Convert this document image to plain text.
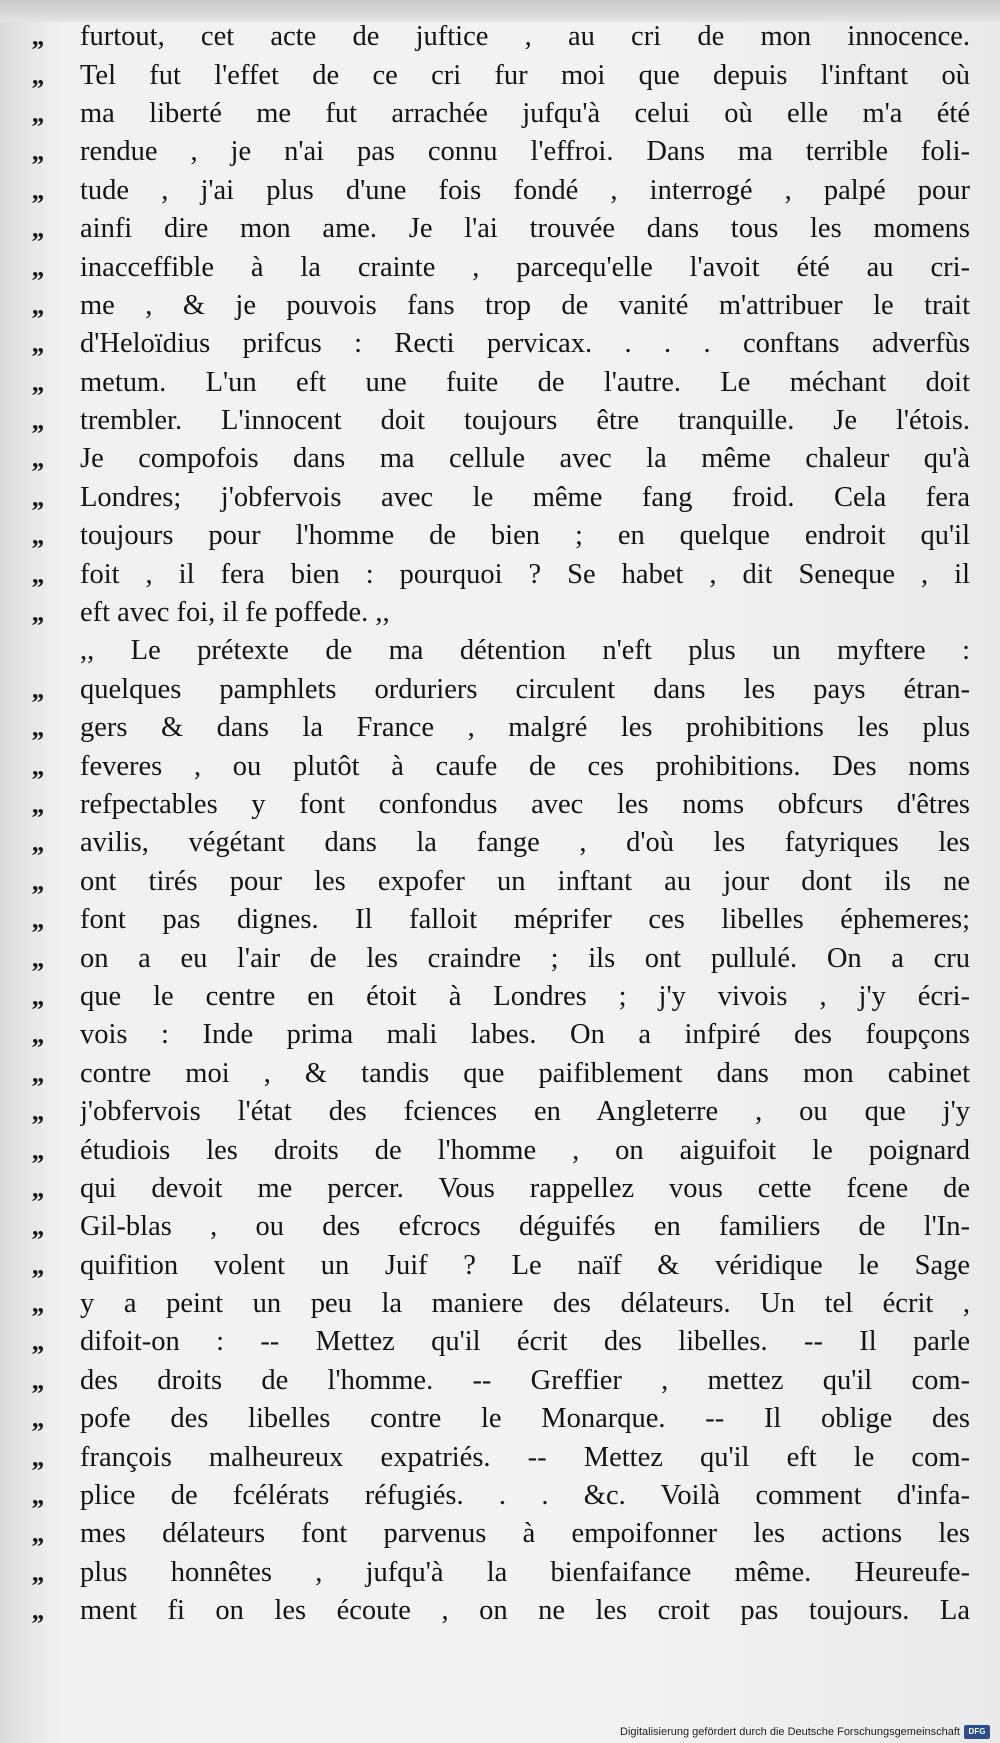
,,	furtout, cet acte de juftice , au cri de mon innocence.
,,	Tel fut l'effet de ce cri fur moi que depuis l'inftant où
,,	ma liberté me fut arrachée jufqu'à celui où elle m'a été
,,	rendue , je n'ai pas connu l'effroi. Dans ma terrible foli-
,,	tude , j'ai plus d'une fois fondé , interrogé , palpé pour
,,	ainfi dire mon ame. Je l'ai trouvée dans tous les momens
,,	inacceffible à la crainte , parcequ'elle l'avoit été au cri-
,,	me , & je pouvois fans trop de vanité m'attribuer le trait
,,	d'Heloïdius prifcus : Recti pervicax. . . . conftans adverfùs
,,	metum. L'un eft une fuite de l'autre. Le méchant doit
,,	trembler. L'innocent doit toujours être tranquille. Je l'étois.
,,	Je compofois dans ma cellule avec la même chaleur qu'à
,,	Londres; j'obfervois avec le même fang froid. Cela fera
,,	toujours pour l'homme de bien ; en quelque endroit qu'il
,,	foit , il fera bien : pourquoi ? Se habet , dit Seneque , il
,,	eft avec foi, il fe poffede. ,,
,, Le prétexte de ma détention n'eft plus un myftere :
,,	quelques pamphlets orduriers circulent dans les pays étran-
,,	gers & dans la France , malgré les prohibitions les plus
,,	feveres , ou plutôt à caufe de ces prohibitions. Des noms
,,	refpectables y font confondus avec les noms obfcurs d'êtres
,,	avilis, végétant dans la fange , d'où les fatyriques les
,,	ont tirés pour les expofer un inftant au jour dont ils ne
,,	font pas dignes. Il falloit méprifer ces libelles éphemeres;
,,	on a eu l'air de les craindre ; ils ont pullulé. On a cru
,,	que le centre en étoit à Londres ; j'y vivois , j'y écri-
,,	vois : Inde prima mali labes. On a infpiré des foupçons
,,	contre moi , & tandis que paifiblement dans mon cabinet
,,	j'obfervois l'état des fciences en Angleterre , ou que j'y
,,	étudiois les droits de l'homme , on aiguifoit le poignard
,,	qui devoit me percer. Vous rappellez vous cette fcene de
,,	Gil-blas , ou des efcrocs déguifés en familiers de l'In-
,,	quifition volent un Juif ? Le naïf & véridique le Sage
,,	y a peint un peu la maniere des délateurs. Un tel écrit ,
,,	difoit-on : -- Mettez qu'il écrit des libelles. -- Il parle
,,	des droits de l'homme. -- Greffier , mettez qu'il com-
,,	pofe des libelles contre le Monarque. -- Il oblige des
,,	françois malheureux expatriés. -- Mettez qu'il eft le com-
,,	plice de fcélérats réfugiés. . . &c. Voilà comment d'infa-
,,	mes délateurs font parvenus à empoifonner les actions les
,,	plus honnêtes , jufqu'à la bienfaifance même. Heureufe-
,,	ment fi on les écoute , on ne les croit pas toujours. La
Digitalisierung gefördert durch die Deutsche Forschungsgemeinschaft	DFG
